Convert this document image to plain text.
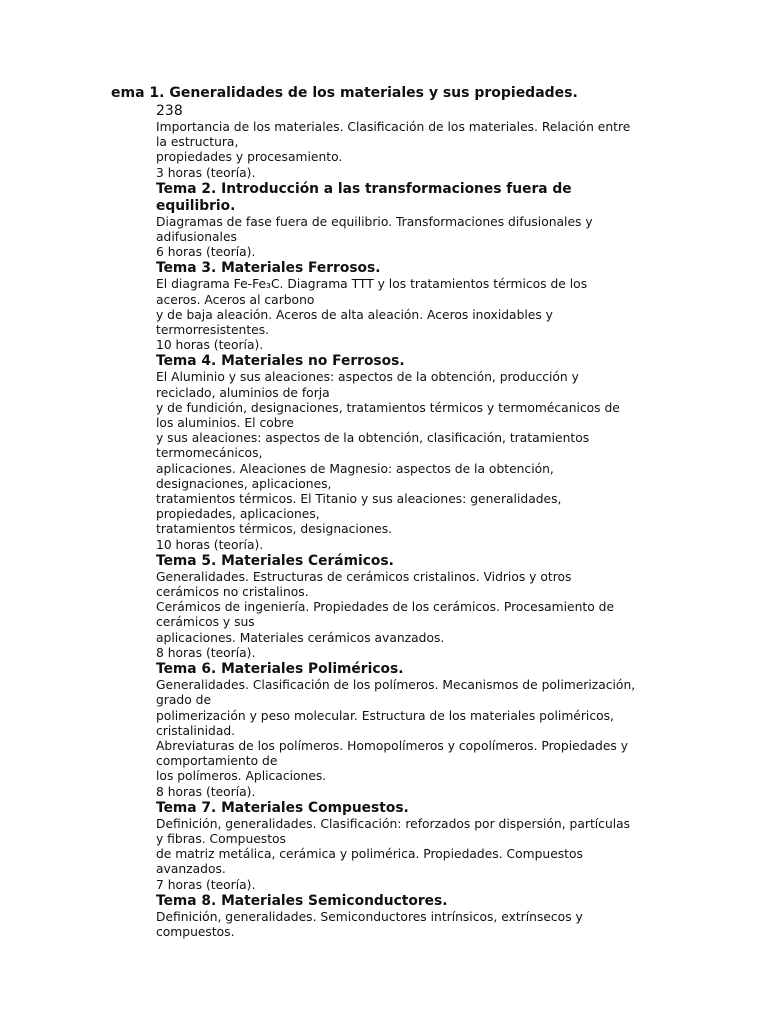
ema 1. Generalidades de los materiales y sus propiedades.
238
Importancia de los materiales. Clasificación de los materiales. Relación entre
la estructura,
propiedades y procesamiento.
3 horas (teoría).
Tema 2. Introducción a las transformaciones fuera de
equilibrio.
Diagramas de fase fuera de equilibrio. Transformaciones difusionales y
adifusionales
6 horas (teoría).
Tema 3. Materiales Ferrosos.
El diagrama Fe-Fe₃C. Diagrama TTT y los tratamientos térmicos de los
aceros. Aceros al carbono
y de baja aleación. Aceros de alta aleación. Aceros inoxidables y
termorresistentes.
10 horas (teoría).
Tema 4. Materiales no Ferrosos.
El Aluminio y sus aleaciones: aspectos de la obtención, producción y
reciclado, aluminios de forja
y de fundición, designaciones, tratamientos térmicos y termomécanicos de
los aluminios. El cobre
y sus aleaciones: aspectos de la obtención, clasificación, tratamientos
termomecánicos,
aplicaciones. Aleaciones de Magnesio: aspectos de la obtención,
designaciones, aplicaciones,
tratamientos térmicos. El Titanio y sus aleaciones: generalidades,
propiedades, aplicaciones,
tratamientos térmicos, designaciones.
10 horas (teoría).
Tema 5. Materiales Cerámicos.
Generalidades. Estructuras de cerámicos cristalinos. Vidrios y otros
cerámicos no cristalinos.
Cerámicos de ingeniería. Propiedades de los cerámicos. Procesamiento de
cerámicos y sus
aplicaciones. Materiales cerámicos avanzados.
8 horas (teoría).
Tema 6. Materiales Poliméricos.
Generalidades. Clasificación de los polímeros. Mecanismos de polimerización,
grado de
polimerización y peso molecular. Estructura de los materiales poliméricos,
cristalinidad.
Abreviaturas de los polímeros. Homopolímeros y copolímeros. Propiedades y
comportamiento de
los polímeros. Aplicaciones.
8 horas (teoría).
Tema 7. Materiales Compuestos.
Definición, generalidades. Clasificación: reforzados por dispersión, partículas
y fibras. Compuestos
de matriz metálica, cerámica y polimérica. Propiedades. Compuestos
avanzados.
7 horas (teoría).
Tema 8. Materiales Semiconductores.
Definición, generalidades. Semiconductores intrínsicos, extrínsecos y
compuestos.
